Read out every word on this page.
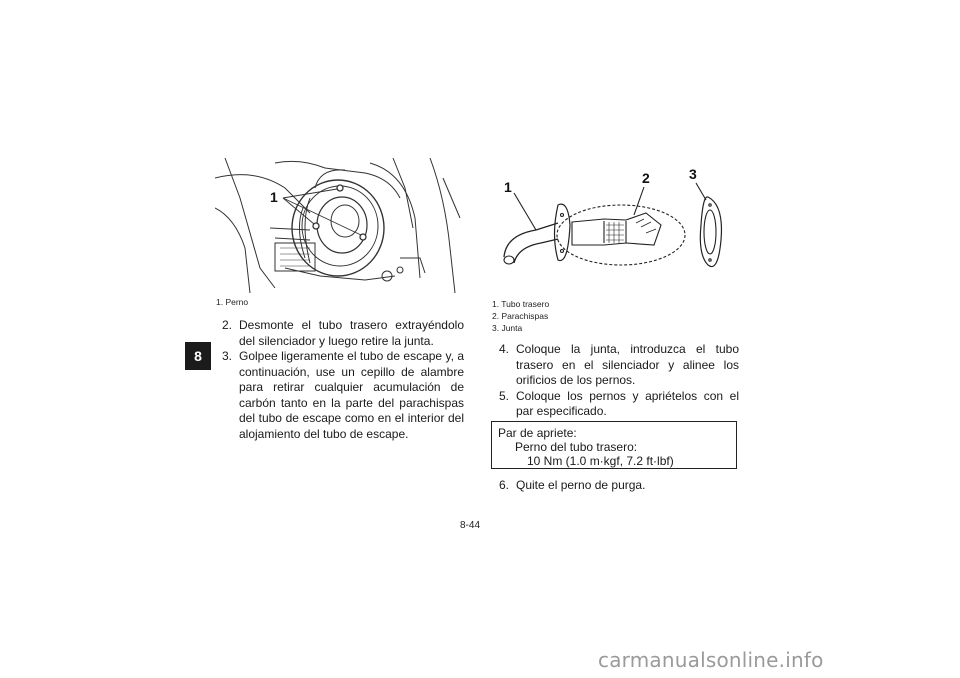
8
1
1. Perno
2. Desmonte el tubo trasero extrayéndolo del silenciador y luego retire la junta.
3. Golpee ligeramente el tubo de escape y, a continuación, use un cepillo de alambre para retirar cualquier acumulación de carbón tanto en la parte del parachispas del tubo de escape como en el interior del alojamiento del tubo de escape.
1
2	3
1. Tubo trasero
2. Parachispas
3. Junta
4. Coloque la junta, introduzca el tubo trasero en el silenciador y alinee los orificios de los pernos.
5. Coloque los pernos y apriételos con el par especificado.
Par de apriete:
Perno del tubo trasero:
10 Nm (1.0 m·kgf, 7.2 ft·lbf)
6. Quite el perno de purga.
8-44
carmanualsonline.info
